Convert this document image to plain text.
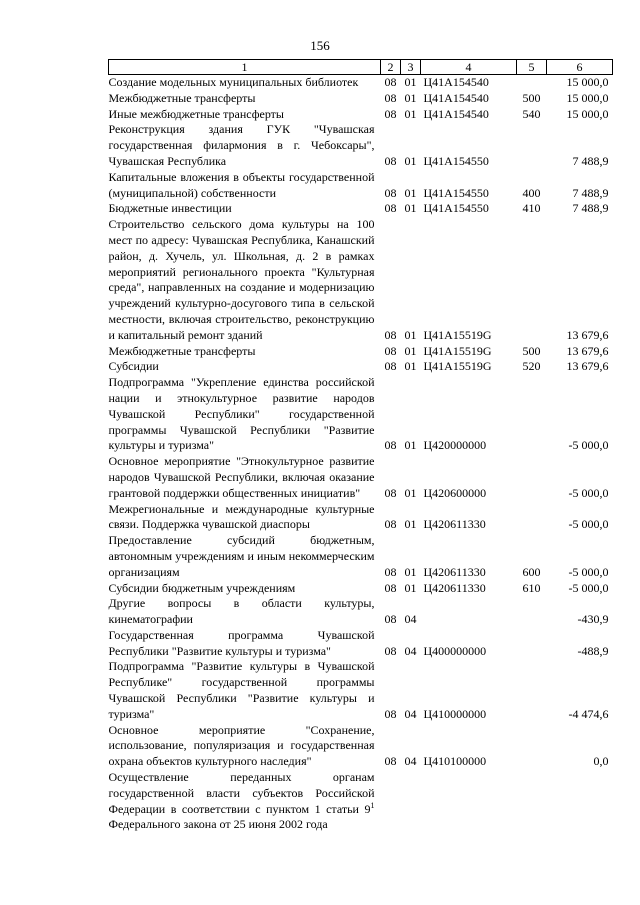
156
1	2	3	4	5	6
Создание модельных муниципальных библиотек	08	01	Ц41А154540		15 000,0
Межбюджетные трансферты	08	01	Ц41А154540	500	15 000,0
Иные межбюджетные трансферты	08	01	Ц41А154540	540	15 000,0
Реконструкция здания ГУК "Чувашская государственная филармония в г. Чебоксары", Чувашская Республика	08	01	Ц41А154550		7 488,9
Капитальные вложения в объекты государственной (муниципальной) собственности	08	01	Ц41А154550	400	7 488,9
Бюджетные инвестиции	08	01	Ц41А154550	410	7 488,9
Строительство сельского дома культуры на 100 мест по адресу: Чувашская Республика, Канашский район, д. Хучель, ул. Школьная, д. 2 в рамках мероприятий регионального проекта "Культурная среда", направленных на создание и модернизацию учреждений культурно-досугового типа в сельской местности, включая строительство, реконструкцию и капитальный ремонт зданий	08	01	Ц41А15519G		13 679,6
Межбюджетные трансферты	08	01	Ц41А15519G	500	13 679,6
Субсидии	08	01	Ц41А15519G	520	13 679,6
Подпрограмма "Укрепление единства российской нации и этнокультурное развитие народов Чувашской Республики" государственной программы Чувашской Республики "Развитие культуры и туризма"	08	01	Ц420000000		-5 000,0
Основное мероприятие "Этнокультурное развитие народов Чувашской Республики, включая оказание грантовой поддержки общественных инициатив"	08	01	Ц420600000		-5 000,0
Межрегиональные и международные культурные связи. Поддержка чувашской диаспоры	08	01	Ц420611330		-5 000,0
Предоставление субсидий бюджетным, автономным учреждениям и иным некоммерческим организациям	08	01	Ц420611330	600	-5 000,0
Субсидии бюджетным учреждениям	08	01	Ц420611330	610	-5 000,0
Другие вопросы в области культуры, кинематографии	08	04			-430,9
Государственная программа Чувашской Республики "Развитие культуры и туризма"	08	04	Ц400000000		-488,9
Подпрограмма "Развитие культуры в Чувашской Республике" государственной программы Чувашской Республики "Развитие культуры и туризма"	08	04	Ц410000000		-4 474,6
Основное мероприятие "Сохранение, использование, популяризация и государственная охрана объектов культурного наследия"	08	04	Ц410100000		0,0
Осуществление переданных органам государственной власти субъектов Российской Федерации в соответствии с пунктом 1 статьи $9^1$ Федерального закона от 25 июня 2002 года					
